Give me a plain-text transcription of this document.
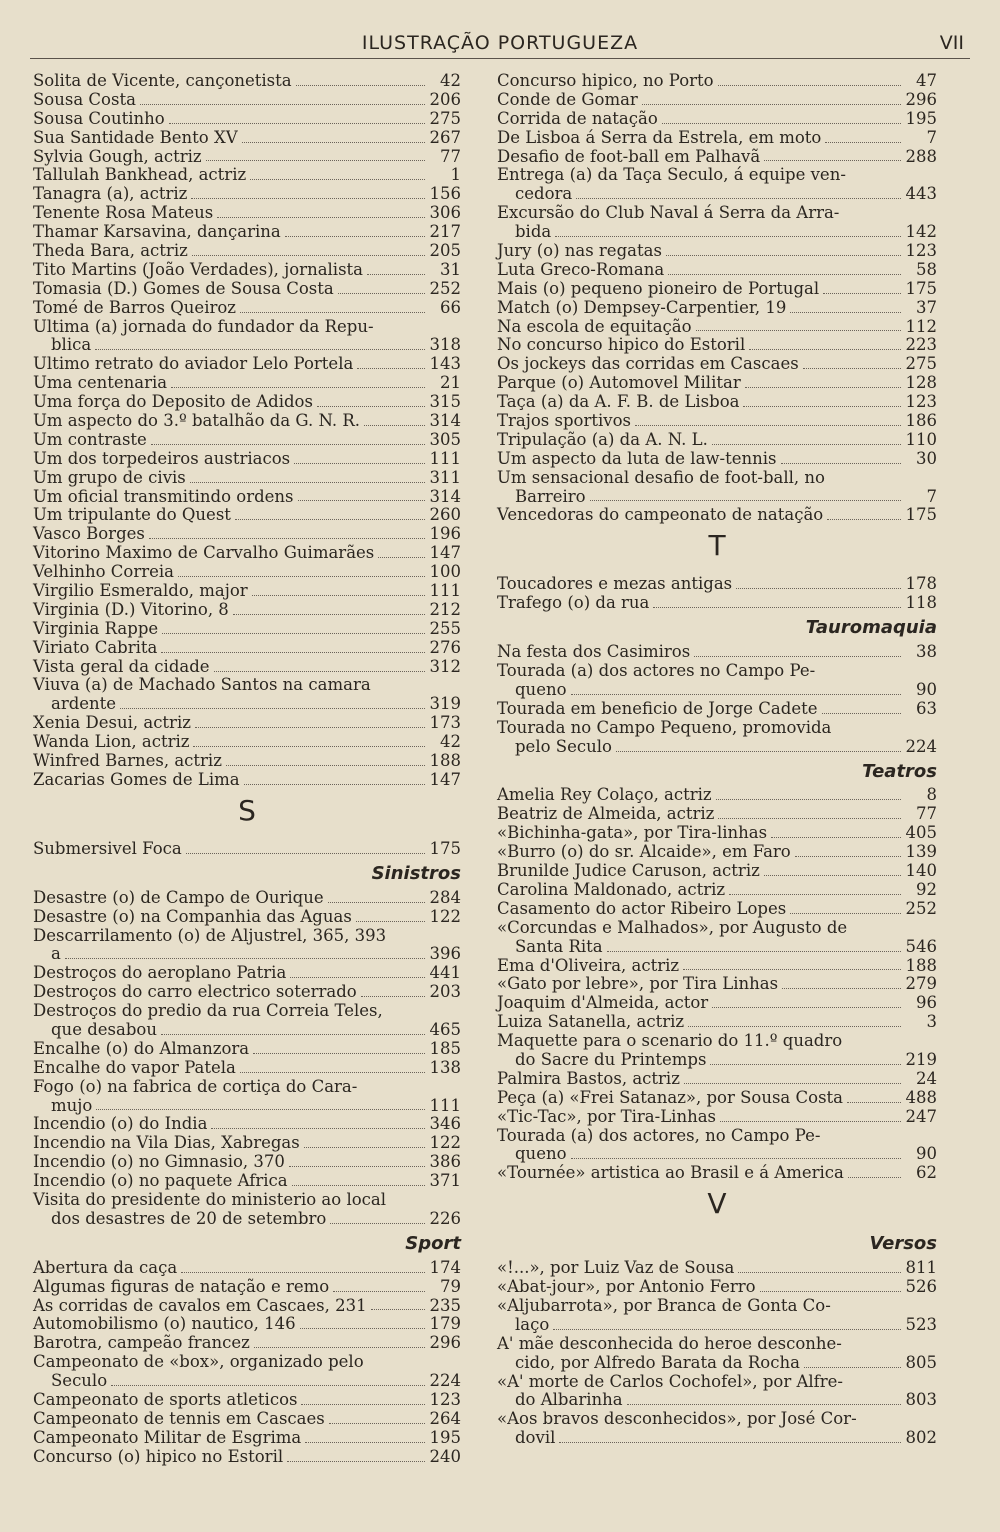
ILUSTRAÇÃO PORTUGUEZA	VII
Solita de Vicente, cançonetista	42
Sousa Costa	206
Sousa Coutinho	275
Sua Santidade Bento XV	267
Sylvia Gough, actriz	77
Tallulah Bankhead, actriz	1
Tanagra (a), actriz	156
Tenente Rosa Mateus	306
Thamar Karsavina, dançarina	217
Theda Bara, actriz	205
Tito Martins (João Verdades), jornalista	31
Tomasia (D.) Gomes de Sousa Costa	252
Tomé de Barros Queiroz	66
Ultima (a) jornada do fundador da Repu-
blica	318
Ultimo retrato do aviador Lelo Portela	143
Uma centenaria	21
Uma força do Deposito de Adidos	315
Um aspecto do 3.º batalhão da G. N. R.	314
Um contraste	305
Um dos torpedeiros austriacos	111
Um grupo de civis	311
Um oficial transmitindo ordens	314
Um tripulante do Quest	260
Vasco Borges	196
Vitorino Maximo de Carvalho Guimarães	147
Velhinho Correia	100
Virgilio Esmeraldo, major	111
Virginia (D.) Vitorino, 8	212
Virginia Rappe	255
Viriato Cabrita	276
Vista geral da cidade	312
Viuva (a) de Machado Santos na camara
ardente	319
Xenia Desui, actriz	173
Wanda Lion, actriz	42
Winfred Barnes, actriz	188
Zacarias Gomes de Lima	147
S
Submersivel Foca	175
Sinistros
Desastre (o) de Campo de Ourique	284
Desastre (o) na Companhia das Aguas	122
Descarrilamento (o) de Aljustrel, 365, 393
a	396
Destroços do aeroplano Patria	441
Destroços do carro electrico soterrado	203
Destroços do predio da rua Correia Teles,
que desabou	465
Encalhe (o) do Almanzora	185
Encalhe do vapor Patela	138
Fogo (o) na fabrica de cortiça do Cara-
mujo	111
Incendio (o) do India	346
Incendio na Vila Dias, Xabregas	122
Incendio (o) no Gimnasio, 370	386
Incendio (o) no paquete Africa	371
Visita do presidente do ministerio ao local
dos desastres de 20 de setembro	226
Sport
Abertura da caça	174
Algumas figuras de natação e remo	79
As corridas de cavalos em Cascaes, 231	235
Automobilismo (o) nautico, 146	179
Barotra, campeão francez	296
Campeonato de «box», organizado pelo
Seculo	224
Campeonato de sports atleticos	123
Campeonato de tennis em Cascaes	264
Campeonato Militar de Esgrima	195
Concurso (o) hipico no Estoril	240
Concurso hipico, no Porto	47
Conde de Gomar	296
Corrida de natação	195
De Lisboa á Serra da Estrela, em moto	7
Desafio de foot-ball em Palhavã	288
Entrega (a) da Taça Seculo, á equipe ven-
cedora	443
Excursão do Club Naval á Serra da Arra-
bida	142
Jury (o) nas regatas	123
Luta Greco-Romana	58
Mais (o) pequeno pioneiro de Portugal	175
Match (o) Dempsey-Carpentier, 19	37
Na escola de equitação	112
No concurso hipico do Estoril	223
Os jockeys das corridas em Cascaes	275
Parque (o) Automovel Militar	128
Taça (a) da A. F. B. de Lisboa	123
Trajos sportivos	186
Tripulação (a) da A. N. L.	110
Um aspecto da luta de law-tennis	30
Um sensacional desafio de foot-ball, no
Barreiro	7
Vencedoras do campeonato de natação	175
T
Toucadores e mezas antigas	178
Trafego (o) da rua	118
Tauromaquia
Na festa dos Casimiros	38
Tourada (a) dos actores no Campo Pe-
queno	90
Tourada em beneficio de Jorge Cadete	63
Tourada no Campo Pequeno, promovida
pelo Seculo	224
Teatros
Amelia Rey Colaço, actriz	8
Beatriz de Almeida, actriz	77
«Bichinha-gata», por Tira-linhas	405
«Burro (o) do sr. Alcaide», em Faro	139
Brunilde Judice Caruson, actriz	140
Carolina Maldonado, actriz	92
Casamento do actor Ribeiro Lopes	252
«Corcundas e Malhados», por Augusto de
Santa Rita	546
Ema d'Oliveira, actriz	188
«Gato por lebre», por Tira Linhas	279
Joaquim d'Almeida, actor	96
Luiza Satanella, actriz	3
Maquette para o scenario do 11.º quadro
do Sacre du Printemps	219
Palmira Bastos, actriz	24
Peça (a) «Frei Satanaz», por Sousa Costa	488
«Tic-Tac», por Tira-Linhas	247
Tourada (a) dos actores, no Campo Pe-
queno	90
«Tournée» artistica ao Brasil e á America	62
V
Versos
«!...», por Luiz Vaz de Sousa	811
«Abat-jour», por Antonio Ferro	526
«Aljubarrota», por Branca de Gonta Co-
laço	523
A' mãe desconhecida do heroe desconhe-
cido, por Alfredo Barata da Rocha	805
«A' morte de Carlos Cochofel», por Alfre-
do Albarinha	803
«Aos bravos desconhecidos», por José Cor-
dovil	802
